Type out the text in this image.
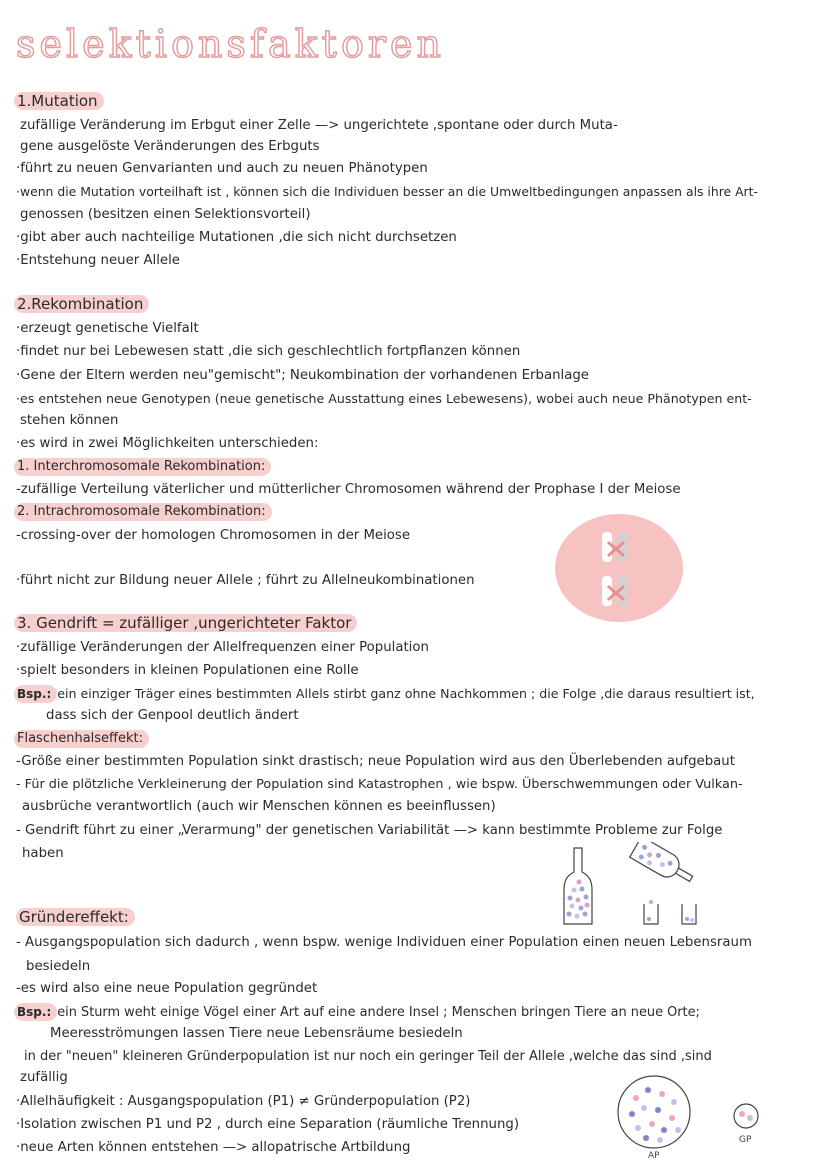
selektionsfaktoren
1.Mutation
zufällige Veränderung im Erbgut einer Zelle —> ungerichtete ,spontane oder durch Muta-
gene ausgelöste Veränderungen des Erbguts
·führt zu neuen Genvarianten und auch zu neuen Phänotypen
·wenn die Mutation vorteilhaft ist , können sich die Individuen besser an die Umweltbedingungen anpassen als ihre Art-
genossen (besitzen einen Selektionsvorteil)
·gibt aber auch nachteilige Mutationen ,die sich nicht durchsetzen
·Entstehung neuer Allele
2.Rekombination
·erzeugt genetische Vielfalt
·findet nur bei Lebewesen statt ,die sich geschlechtlich fortpflanzen können
·Gene der Eltern werden neu"gemischt"; Neukombination der vorhandenen Erbanlage
·es entstehen neue Genotypen (neue genetische Ausstattung eines Lebewesens), wobei auch neue Phänotypen ent-
stehen können
·es wird in zwei Möglichkeiten unterschieden:
1. Interchromosomale Rekombination:
-zufällige Verteilung väterlicher und mütterlicher Chromosomen während der Prophase I der Meiose
2. Intrachromosomale Rekombination:
-crossing-over der homologen Chromosomen in der Meiose
·führt nicht zur Bildung neuer Allele ; führt zu Allelneukombinationen
3. Gendrift = zufälliger ,ungerichteter Faktor
·zufällige Veränderungen der Allelfrequenzen einer Population
·spielt besonders in kleinen Populationen eine Rolle
Bsp.: ein einziger Träger eines bestimmten Allels stirbt ganz ohne Nachkommen ; die Folge ,die daraus resultiert ist,
dass sich der Genpool deutlich ändert
Flaschenhalseffekt:
-Größe einer bestimmten Population sinkt drastisch; neue Population wird aus den Überlebenden aufgebaut
- Für die plötzliche Verkleinerung der Population sind Katastrophen , wie bspw. Überschwemmungen oder Vulkan-
ausbrüche verantwortlich (auch wir Menschen können es beeinflussen)
- Gendrift führt zu einer „Verarmung" der genetischen Variabilität —> kann bestimmte Probleme zur Folge
haben
Gründereffekt:
- Ausgangspopulation sich dadurch , wenn bspw. wenige Individuen einer Population einen neuen Lebensraum
besiedeln
-es wird also eine neue Population gegründet
Bsp.: ein Sturm weht einige Vögel einer Art auf eine andere Insel ; Menschen bringen Tiere an neue Orte;
Meeresströmungen lassen Tiere neue Lebensräume besiedeln
in der "neuen" kleineren Gründerpopulation ist nur noch ein geringer Teil der Allele ,welche das sind ,sind
zufällig
·Allelhäufigkeit : Ausgangspopulation (P1) ≠ Gründerpopulation (P2)
·Isolation zwischen P1 und P2 , durch eine Separation (räumliche Trennung)
·neue Arten können entstehen —> allopatrische Artbildung
AP
GP
